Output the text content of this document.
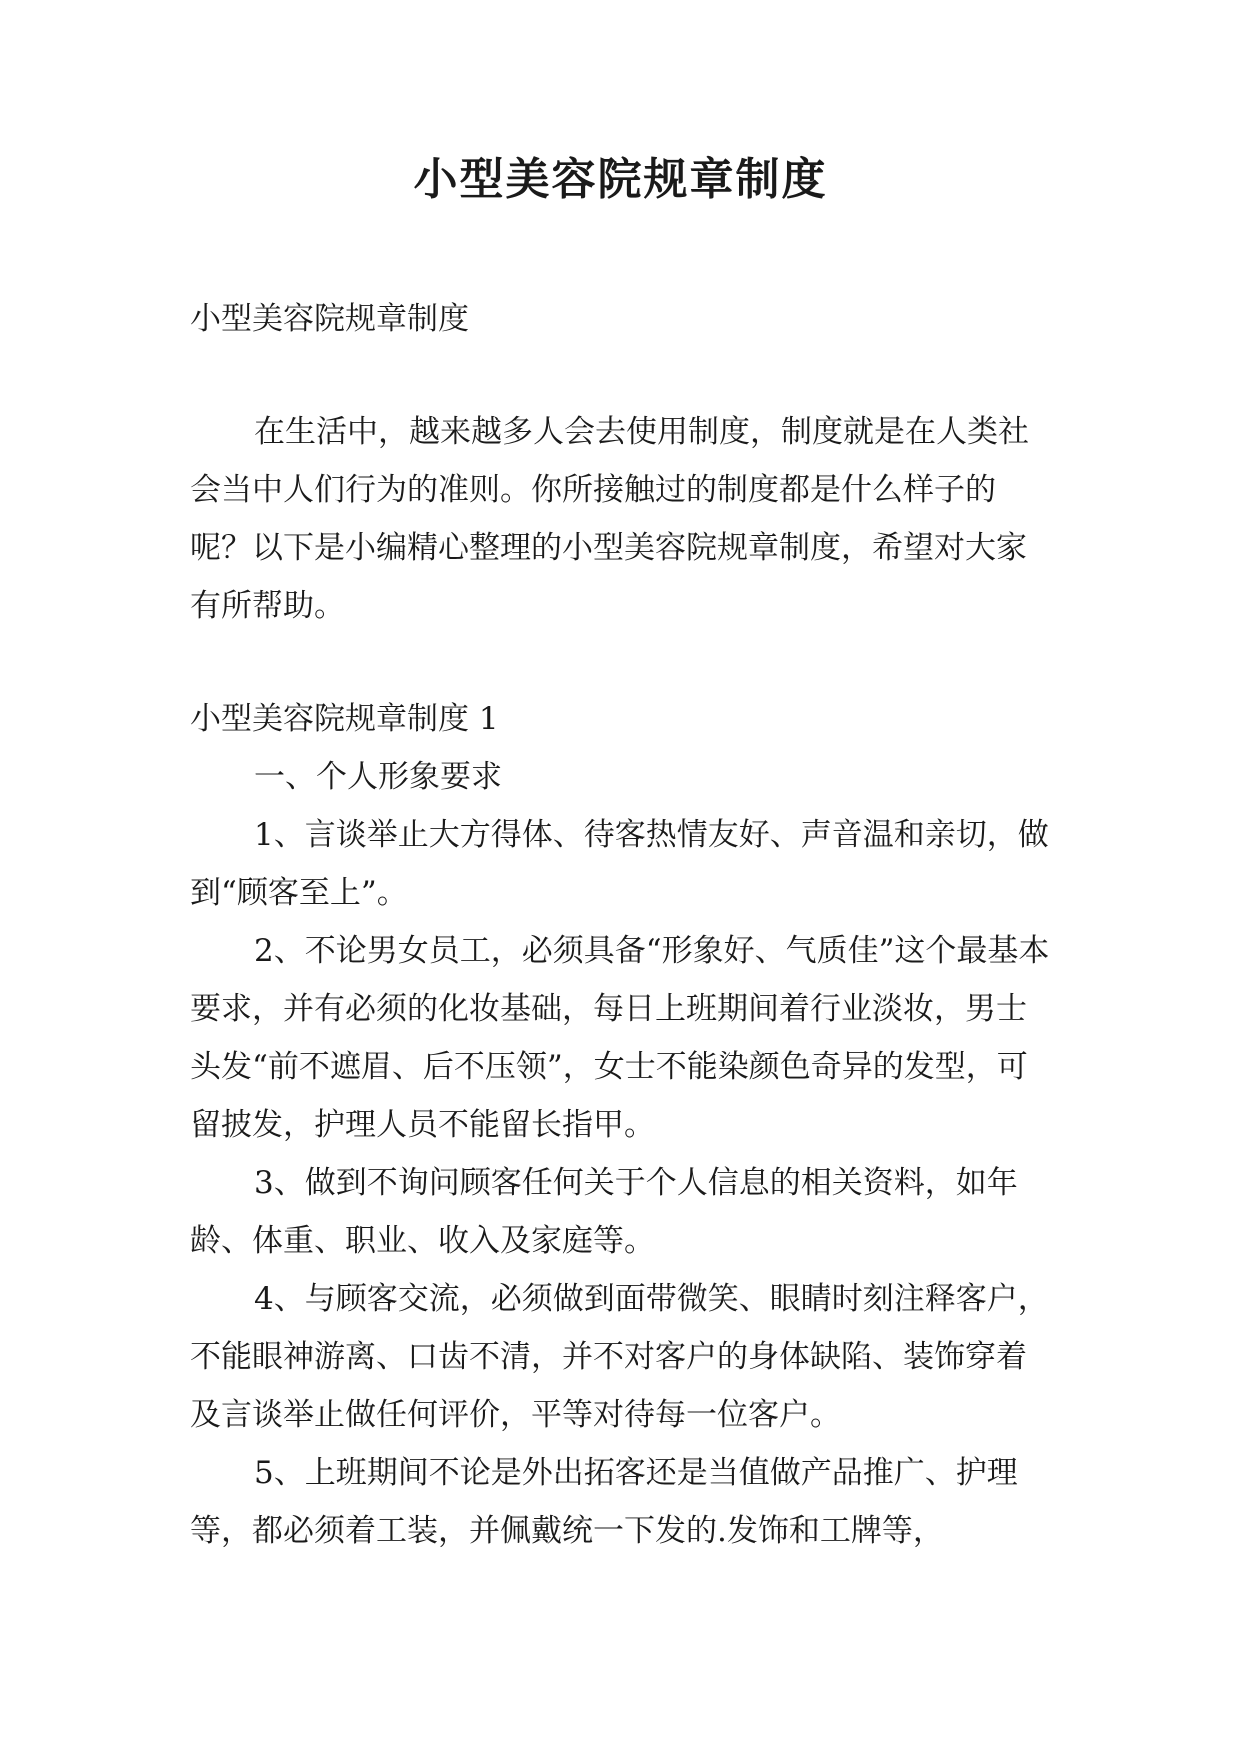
小型美容院规章制度

小型美容院规章制度

在生活中，越来越多人会去使用制度，制度就是在人类社会当中人们行为的准则。你所接触过的制度都是什么样子的呢？以下是小编精心整理的小型美容院规章制度，希望对大家有所帮助。

小型美容院规章制度 1

一、个人形象要求

1、言谈举止大方得体、待客热情友好、声音温和亲切，做到“顾客至上”。

2、不论男女员工，必须具备“形象好、气质佳”这个最基本要求，并有必须的化妆基础，每日上班期间着行业淡妆，男士头发“前不遮眉、后不压领”，女士不能染颜色奇异的发型，可留披发，护理人员不能留长指甲。

3、做到不询问顾客任何关于个人信息的相关资料，如年龄、体重、职业、收入及家庭等。

4、与顾客交流，必须做到面带微笑、眼睛时刻注释客户，不能眼神游离、口齿不清，并不对客户的身体缺陷、装饰穿着及言谈举止做任何评价，平等对待每一位客户。

5、上班期间不论是外出拓客还是当值做产品推广、护理等，都必须着工装，并佩戴统一下发的.发饰和工牌等，
